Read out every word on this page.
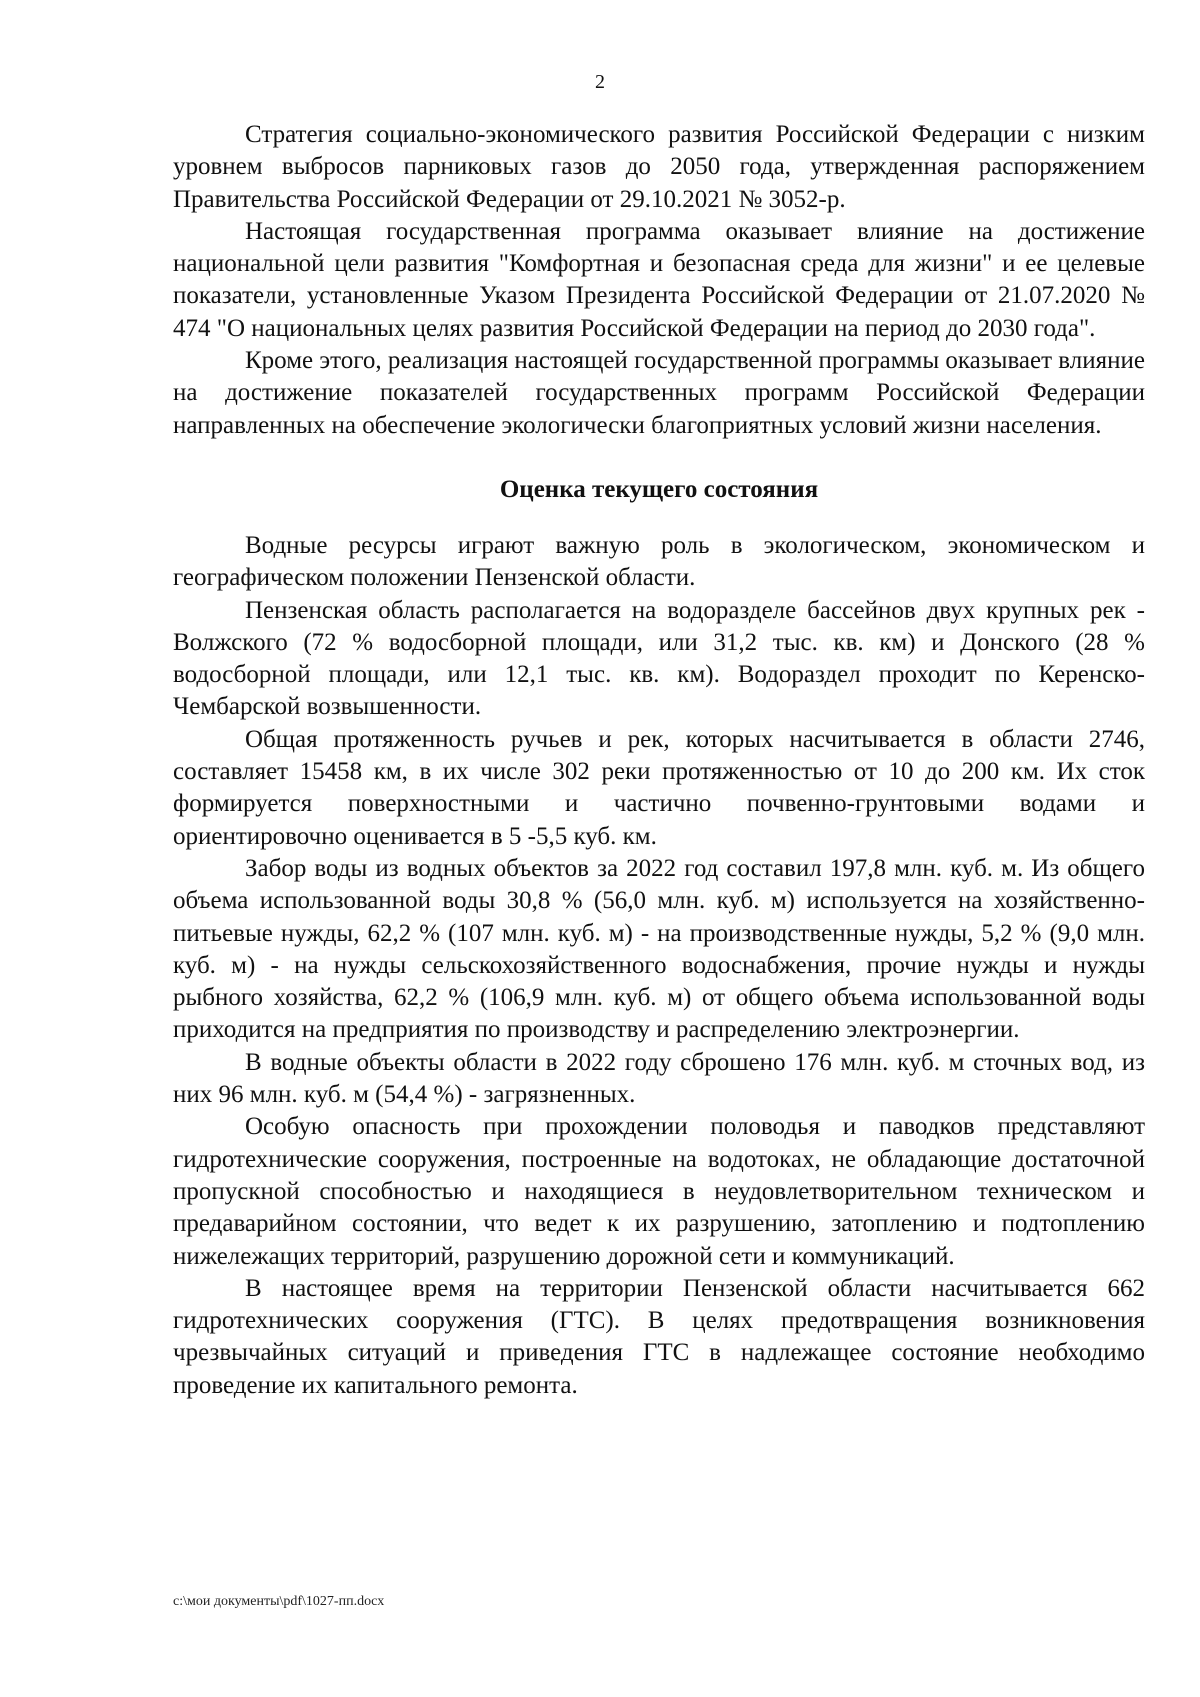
2

Стратегия социально-экономического развития Российской Федерации с низким уровнем выбросов парниковых газов до 2050 года, утвержденная распоряжением Правительства Российской Федерации от 29.10.2021 № 3052-р.

Настоящая государственная программа оказывает влияние на достижение национальной цели развития "Комфортная и безопасная среда для жизни" и ее целевые показатели, установленные Указом Президента Российской Федерации от 21.07.2020 № 474 "О национальных целях развития Российской Федерации на период до 2030 года".

Кроме этого, реализация настоящей государственной программы оказывает влияние на достижение показателей государственных программ Российской Федерации направленных на обеспечение экологически благоприятных условий жизни населения.

Оценка текущего состояния

Водные ресурсы играют важную роль в экологическом, экономическом и географическом положении Пензенской области.

Пензенская область располагается на водоразделе бассейнов двух крупных рек - Волжского (72 % водосборной площади, или 31,2 тыс. кв. км) и Донского (28 % водосборной площади, или 12,1 тыс. кв. км). Водораздел проходит по Керенско-Чембарской возвышенности.

Общая протяженность ручьев и рек, которых насчитывается в области 2746, составляет 15458 км, в их числе 302 реки протяженностью от 10 до 200 км. Их сток формируется поверхностными и частично почвенно-грунтовыми водами и ориентировочно оценивается в 5 -5,5 куб. км.

Забор воды из водных объектов за 2022 год составил 197,8 млн. куб. м. Из общего объема использованной воды 30,8 % (56,0 млн. куб. м) используется на хозяйственно-питьевые нужды, 62,2 % (107 млн. куб. м) - на производственные нужды, 5,2 % (9,0 млн. куб. м) - на нужды сельскохозяйственного водоснабжения, прочие нужды и нужды рыбного хозяйства, 62,2 % (106,9 млн. куб. м) от общего объема использованной воды приходится на предприятия по производству и распределению электроэнергии.

В водные объекты области в 2022 году сброшено 176 млн. куб. м сточных вод, из них 96 млн. куб. м (54,4 %) - загрязненных.

Особую опасность при прохождении половодья и паводков представляют гидротехнические сооружения, построенные на водотоках, не обладающие достаточной пропускной способностью и находящиеся в неудовлетворительном техническом и предаварийном состоянии, что ведет к их разрушению, затоплению и подтоплению нижележащих территорий, разрушению дорожной сети и коммуникаций.

В настоящее время на территории Пензенской области насчитывается 662 гидротехнических сооружения (ГТС). В целях предотвращения возникновения чрезвычайных ситуаций и приведения ГТС в надлежащее состояние необходимо проведение их капитального ремонта.

c:\мои документы\pdf\1027-пп.docx
